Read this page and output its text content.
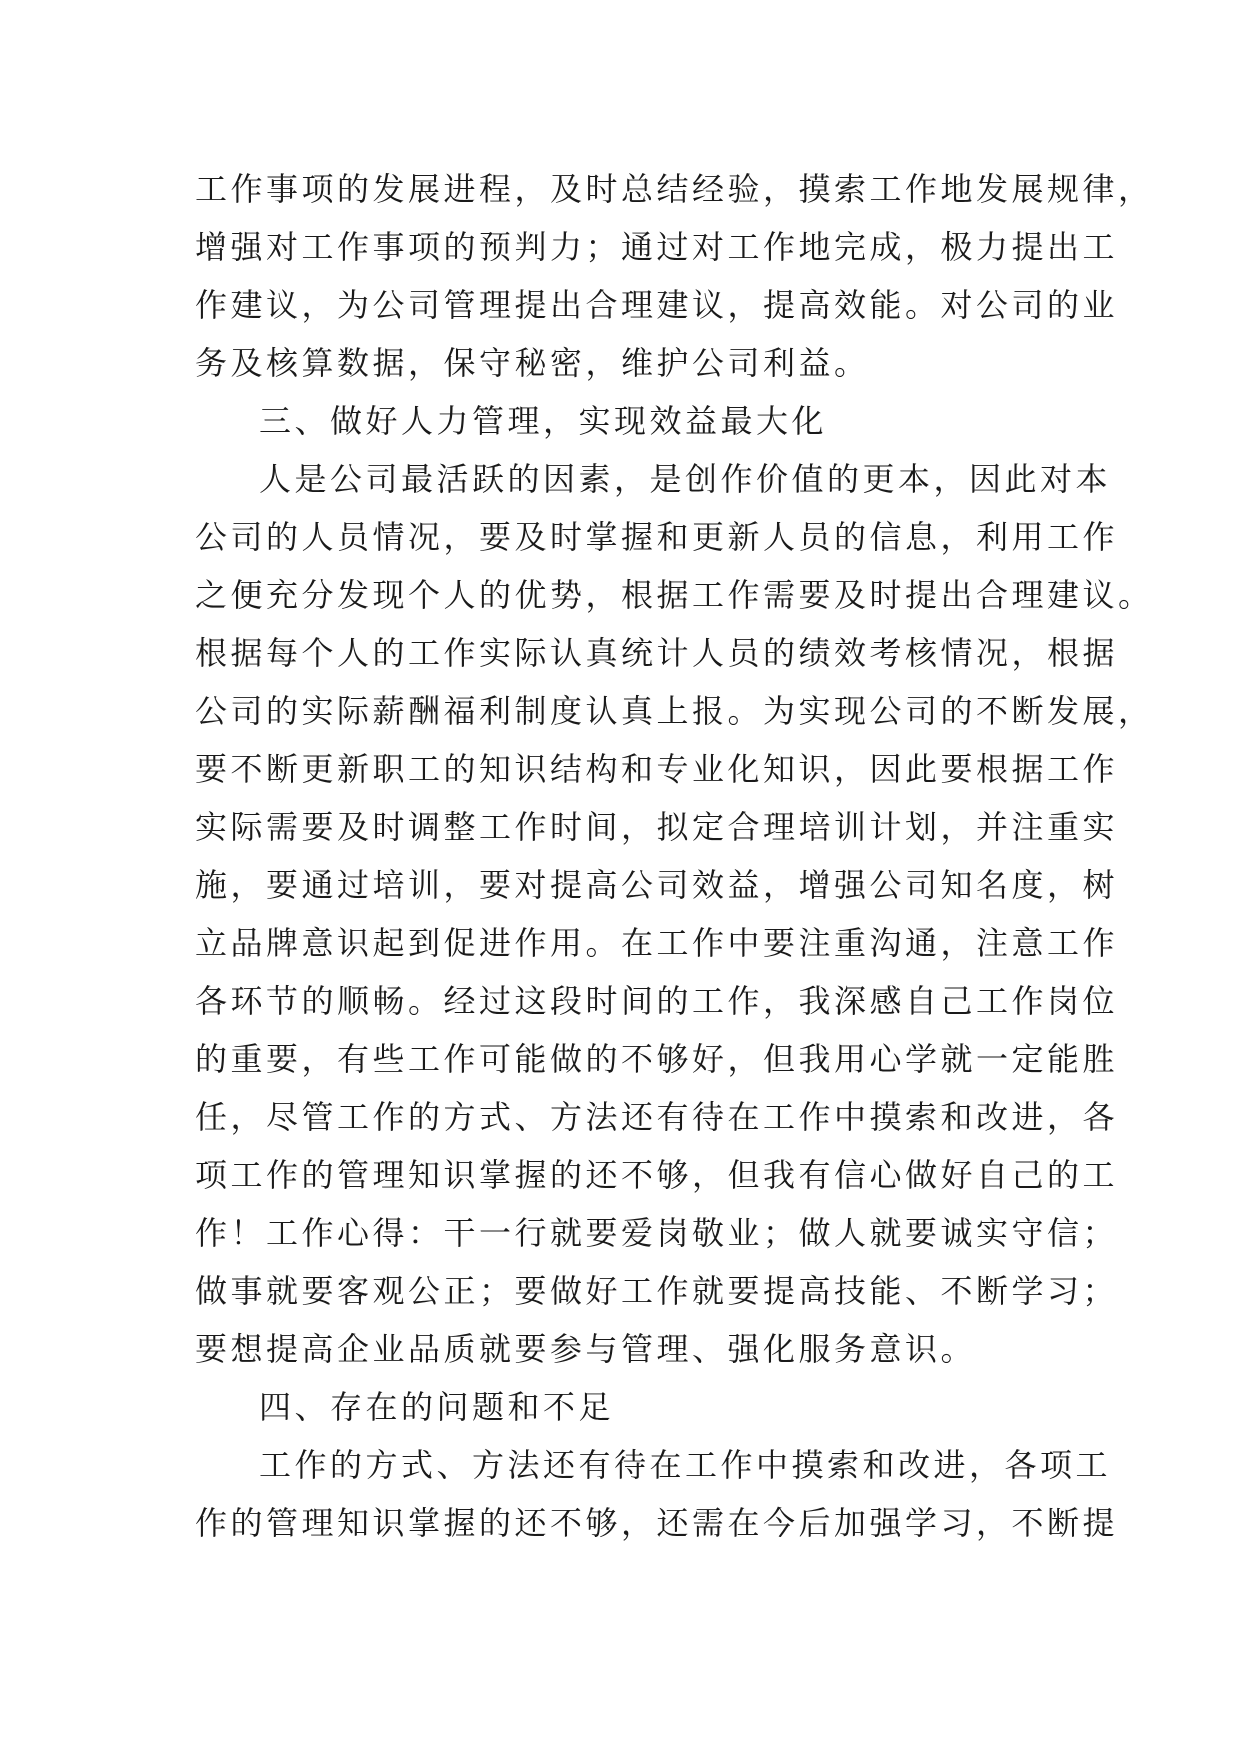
工作事项的发展进程，及时总结经验，摸索工作地发展规律，
增强对工作事项的预判力；通过对工作地完成，极力提出工
作建议，为公司管理提出合理建议，提高效能。对公司的业
务及核算数据，保守秘密，维护公司利益。
三、做好人力管理，实现效益最大化
人是公司最活跃的因素，是创作价值的更本，因此对本
公司的人员情况，要及时掌握和更新人员的信息，利用工作
之便充分发现个人的优势，根据工作需要及时提出合理建议。
根据每个人的工作实际认真统计人员的绩效考核情况，根据
公司的实际薪酬福利制度认真上报。为实现公司的不断发展，
要不断更新职工的知识结构和专业化知识，因此要根据工作
实际需要及时调整工作时间，拟定合理培训计划，并注重实
施，要通过培训，要对提高公司效益，增强公司知名度，树
立品牌意识起到促进作用。在工作中要注重沟通，注意工作
各环节的顺畅。经过这段时间的工作，我深感自己工作岗位
的重要，有些工作可能做的不够好，但我用心学就一定能胜
任，尽管工作的方式、方法还有待在工作中摸索和改进，各
项工作的管理知识掌握的还不够，但我有信心做好自己的工
作！工作心得：干一行就要爱岗敬业；做人就要诚实守信；
做事就要客观公正；要做好工作就要提高技能、不断学习；
要想提高企业品质就要参与管理、强化服务意识。
四、存在的问题和不足
工作的方式、方法还有待在工作中摸索和改进，各项工
作的管理知识掌握的还不够，还需在今后加强学习，不断提
